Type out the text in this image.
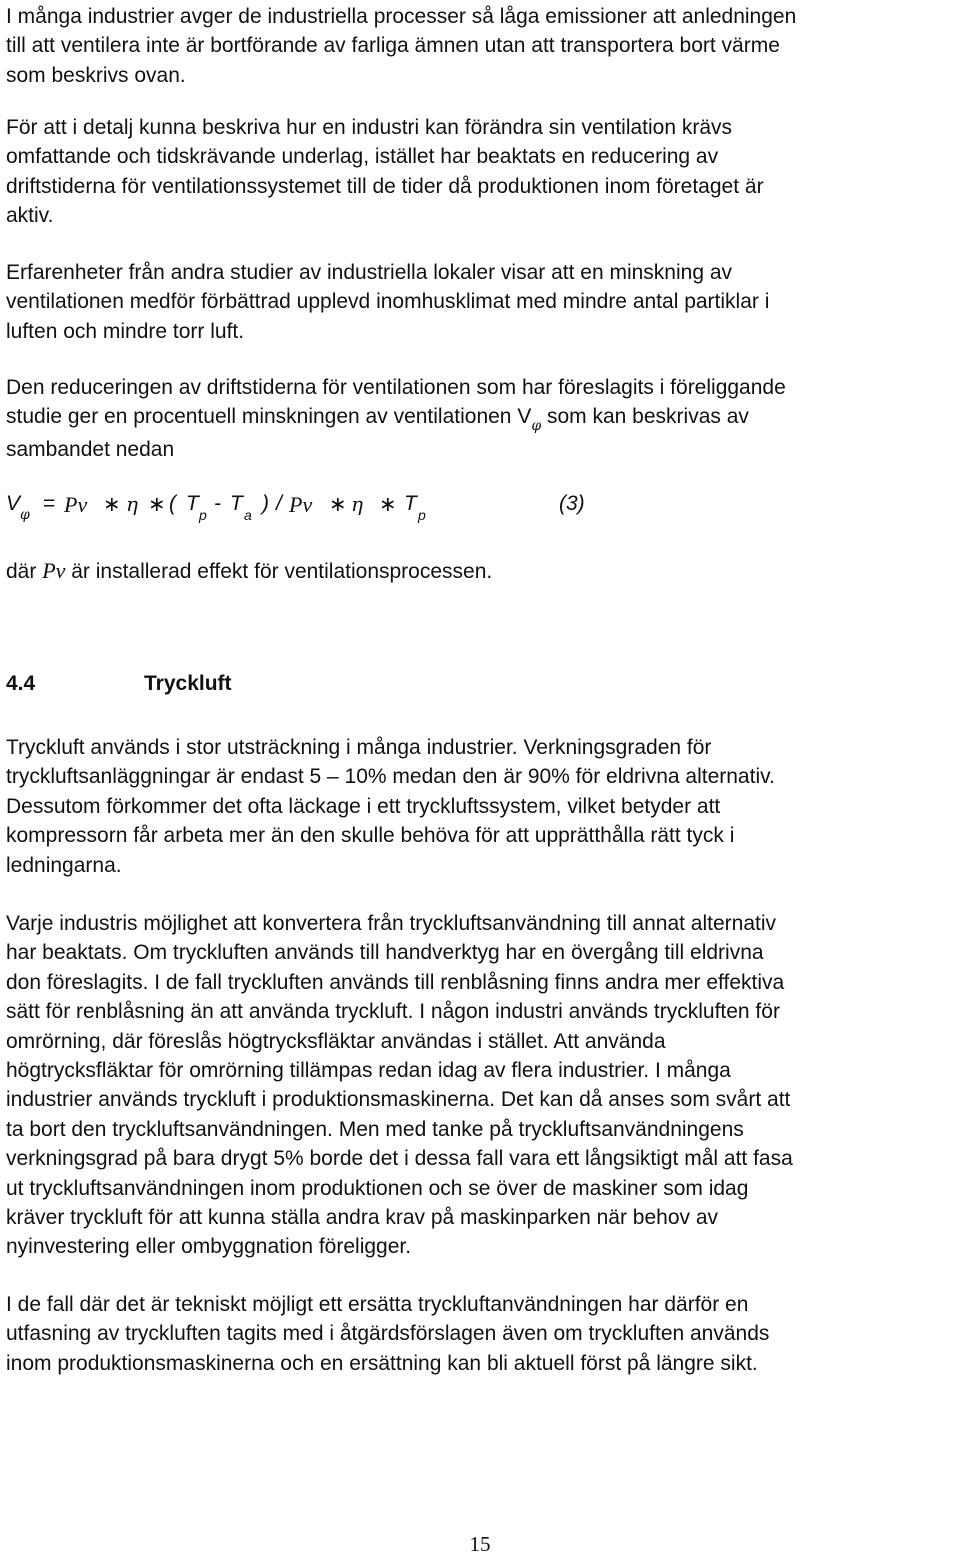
I många industrier avger de industriella processer så låga emissioner att anledningen
till att ventilera inte är bortförande av farliga ämnen utan att transportera bort värme
som beskrivs ovan.
För att i detalj kunna beskriva hur en industri kan förändra sin ventilation krävs
omfattande och tidskrävande underlag, istället har beaktats en reducering av
driftstiderna för ventilationssystemet till de tider då produktionen inom företaget är
aktiv.
Erfarenheter från andra studier av industriella lokaler visar att en minskning av
ventilationen medför förbättrad upplevd inomhusklimat med mindre antal partiklar i
luften och mindre torr luft.
Den reduceringen av driftstiderna för ventilationen som har föreslagits i föreliggande
studie ger en procentuell minskningen av ventilationen $V_\varphi$ som kan beskrivas av
sambandet nedan
V φ = Pv ∗ η ∗ ( T p - T a ) / Pv ∗ η ∗ T p	(3)
där Pv är installerad effekt för ventilationsprocessen.
4.4	Tryckluft
Tryckluft används i stor utsträckning i många industrier. Verkningsgraden för
tryckluftsanläggningar är endast 5 – 10% medan den är 90% för eldrivna alternativ.
Dessutom förkommer det ofta läckage i ett tryckluftssystem, vilket betyder att
kompressorn får arbeta mer än den skulle behöva för att upprätthålla rätt tyck i
ledningarna.
Varje industris möjlighet att konvertera från tryckluftsanvändning till annat alternativ
har beaktats. Om tryckluften används till handverktyg har en övergång till eldrivna
don föreslagits. I de fall tryckluften används till renblåsning finns andra mer effektiva
sätt för renblåsning än att använda tryckluft. I någon industri används tryckluften för
omrörning, där föreslås högtrycksfläktar användas i stället. Att använda
högtrycksfläktar för omrörning tillämpas redan idag av flera industrier. I många
industrier används tryckluft i produktionsmaskinerna. Det kan då anses som svårt att
ta bort den tryckluftsanvändningen. Men med tanke på tryckluftsanvändningens
verkningsgrad på bara drygt 5% borde det i dessa fall vara ett långsiktigt mål att fasa
ut tryckluftsanvändningen inom produktionen och se över de maskiner som idag
kräver tryckluft för att kunna ställa andra krav på maskinparken när behov av
nyinvestering eller ombyggnation föreligger.
I de fall där det är tekniskt möjligt ett ersätta tryckluftanvändningen har därför en
utfasning av tryckluften tagits med i åtgärdsförslagen även om tryckluften används
inom produktionsmaskinerna och en ersättning kan bli aktuell först på längre sikt.
15
